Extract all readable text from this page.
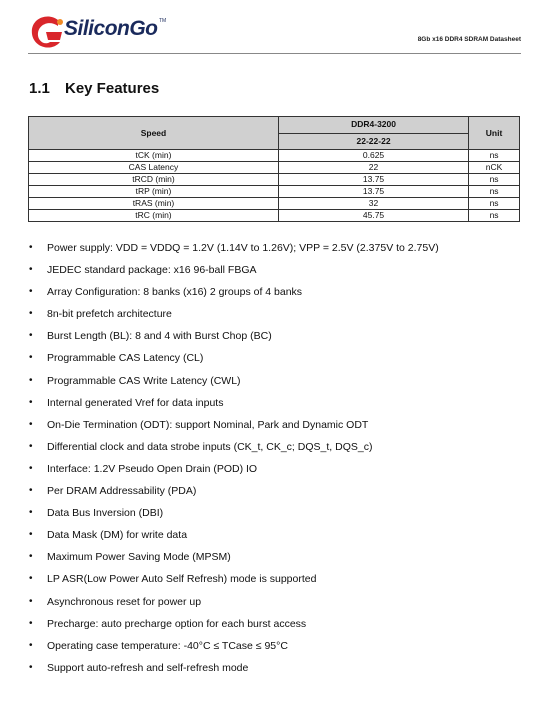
SiliconGo TM
8Gb x16 DDR4 SDRAM Datasheet
1.1 Key Features
Speed	DDR4-3200	Unit

	22-22-22	

tCK (min)	0.625	ns
CAS Latency	22	nCK
tRCD (min)	13.75	ns
tRP (min)	13.75	ns
tRAS (min)	32	ns
tRC (min)	45.75	ns
• Power supply: VDD = VDDQ = 1.2V (1.14V to 1.26V); VPP = 2.5V (2.375V to 2.75V)
• JEDEC standard package: x16 96-ball FBGA
• Array Configuration: 8 banks (x16) 2 groups of 4 banks
• 8n-bit prefetch architecture
• Burst Length (BL): 8 and 4 with Burst Chop (BC)
• Programmable CAS Latency (CL)
• Programmable CAS Write Latency (CWL)
• Internal generated Vref for data inputs
• On-Die Termination (ODT): support Nominal, Park and Dynamic ODT
• Differential clock and data strobe inputs (CK_t, CK_c; DQS_t, DQS_c)
• Interface: 1.2V Pseudo Open Drain (POD) IO
• Per DRAM Addressability (PDA)
• Data Bus Inversion (DBI)
• Data Mask (DM) for write data
• Maximum Power Saving Mode (MPSM)
• LP ASR(Low Power Auto Self Refresh) mode is supported
• Asynchronous reset for power up
• Precharge: auto precharge option for each burst access
• Operating case temperature: -40°C ≤ TCase ≤ 95°C
• Support auto-refresh and self-refresh mode
